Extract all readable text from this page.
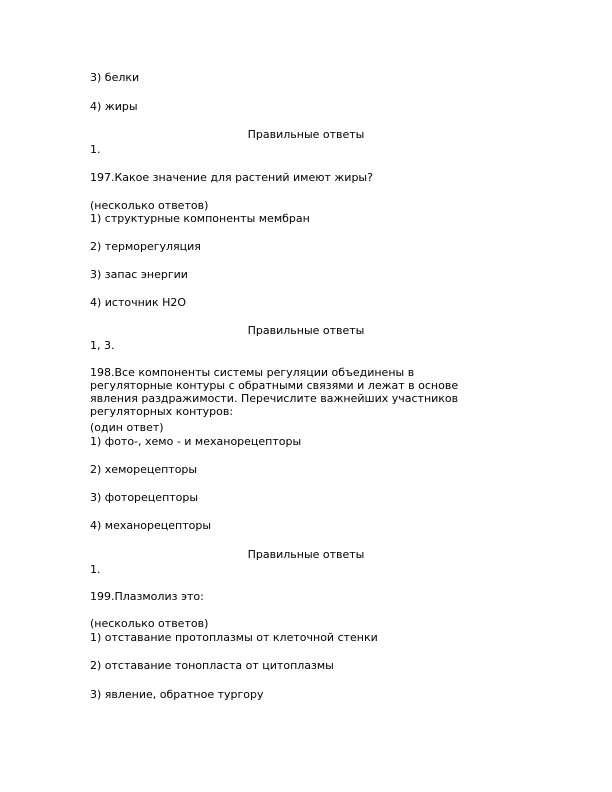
3) белки
4) жиры
Правильные ответы
1.
197.Какое значение для растений имеют жиры?
(несколько ответов)
1) структурные компоненты мембран
2) терморегуляция
3) запас энергии
4) источник H2O
Правильные ответы
1, 3.
198.Все компоненты системы регуляции объединены в
регуляторные контуры с обратными связями и лежат в основе
явления раздражимости. Перечислите важнейших участников
регуляторных контуров:
(один ответ)
1) фото-, хемо - и механорецепторы
2) хеморецепторы
3) фоторецепторы
4) механорецепторы
Правильные ответы
1.
199.Плазмолиз это:
(несколько ответов)
1) отставание протоплазмы от клеточной стенки
2) отставание тонопласта от цитоплазмы
3) явление, обратное тургору
